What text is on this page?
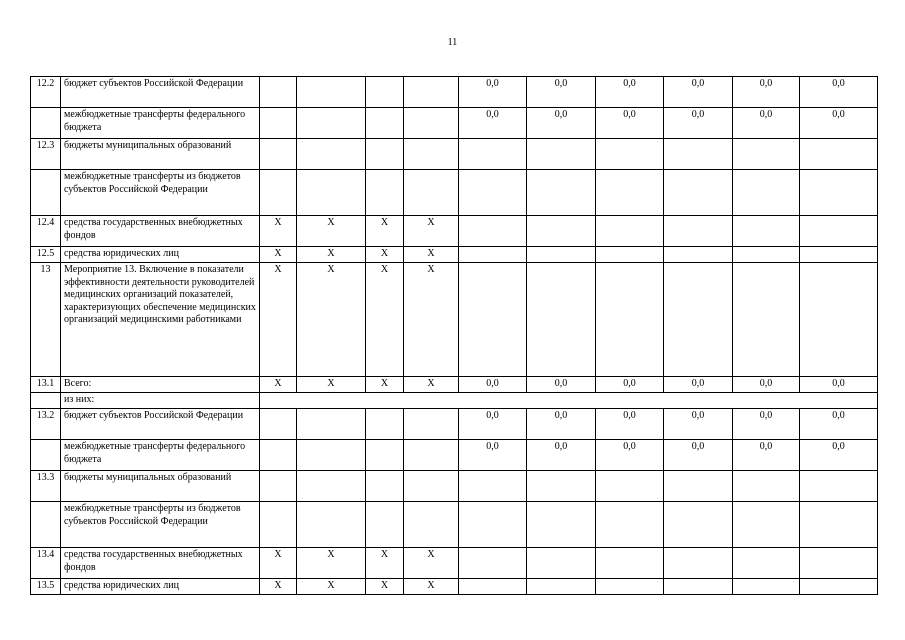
11
12.2	бюджет субъектов Российской Федерации					0,0	0,0	0,0	0,0	0,0	0,0
	межбюджетные трансферты федерального бюджета					0,0	0,0	0,0	0,0	0,0	0,0
12.3	бюджеты муниципальных образований										
	межбюджетные трансферты из бюджетов субъектов Российской Федерации										
12.4	средства государственных внебюджетных фондов	X	X	X	X						
12.5	средства юридических лиц	X	X	X	X						
13	Мероприятие 13. Включение в показатели эффективности деятельности руководителей медицинских организаций показателей, характеризующих обеспечение медицинских организаций медицинскими работниками	X	X	X	X						
13.1	Всего:	X	X	X	X	0,0	0,0	0,0	0,0	0,0	0,0
	из них:										
13.2	бюджет субъектов Российской Федерации					0,0	0,0	0,0	0,0	0,0	0,0
	межбюджетные трансферты федерального бюджета					0,0	0,0	0,0	0,0	0,0	0,0
13.3	бюджеты муниципальных образований										
	межбюджетные трансферты из бюджетов субъектов Российской Федерации										
13.4	средства государственных внебюджетных фондов	X	X	X	X						
13.5	средства юридических лиц	X	X	X	X						
